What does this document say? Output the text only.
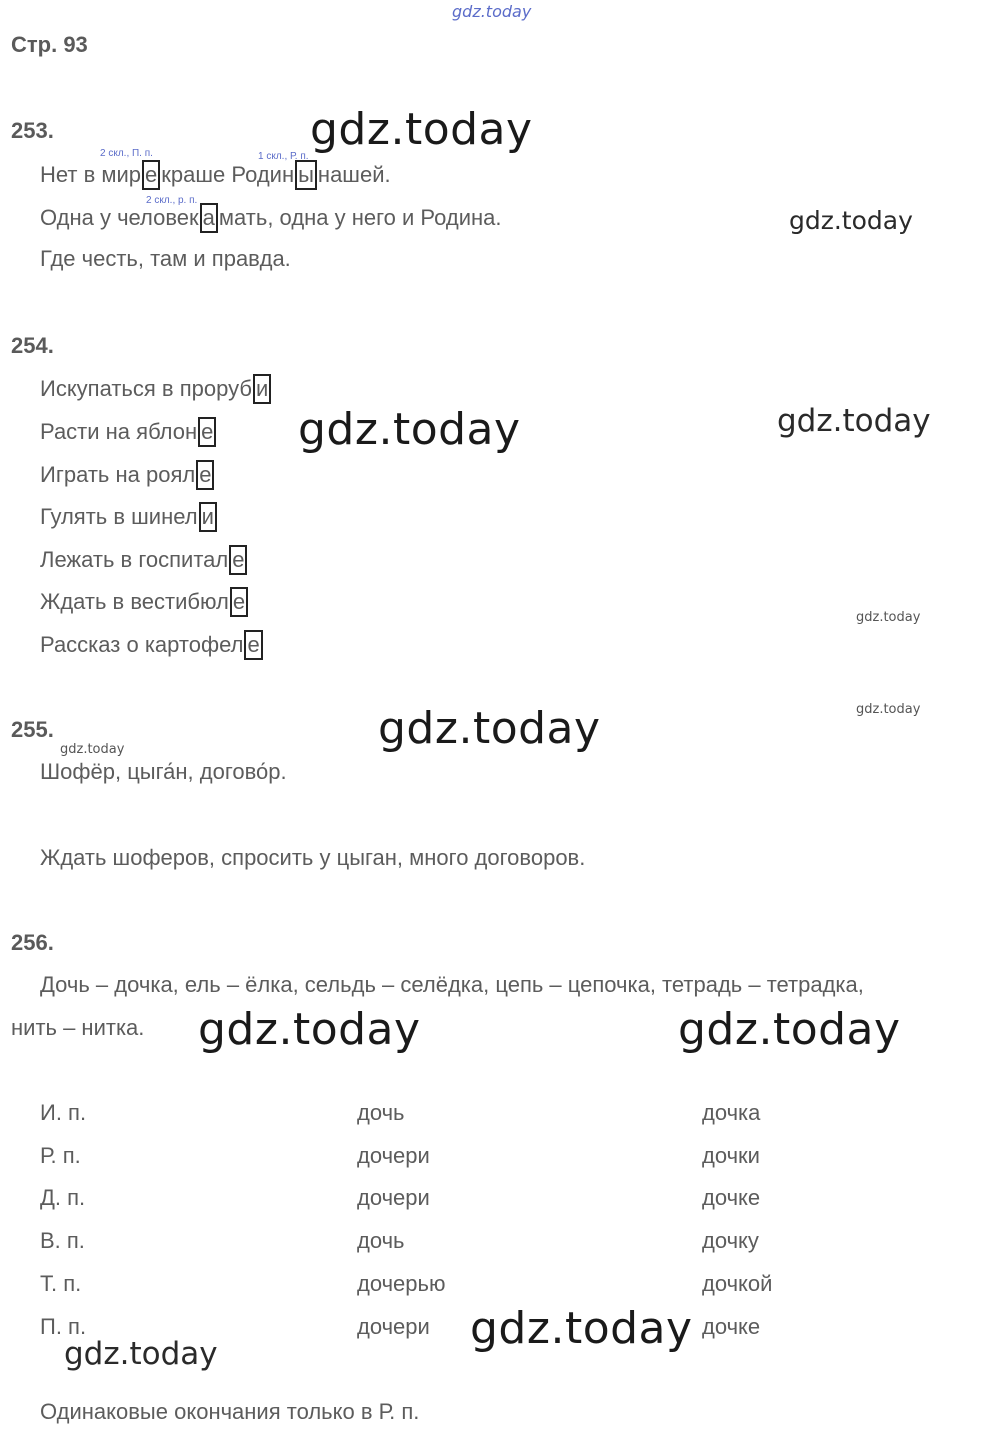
gdz.today
gdz.today
gdz.today
gdz.today	gdz.today
gdz.today
gdz.today
gdz.today
gdz.today
gdz.today	gdz.today
gdz.today
gdz.today
Стр. 93
253.
2 скл., П. п.	1 скл., Р. п.
Нет в мир е краше Родин ы нашей.
2 скл., р. п.
Одна у человек а мать, одна у него и Родина.
Где честь, там и правда.
254.
Искупаться в проруб и
Расти на яблон е
Играть на роял е
Гулять в шинел и
Лежать в госпитал е
Ждать в вестибюл е
Рассказ о картофел е
255.
Шофёр, цыга́н, догово́р.
Ждать шоферов, спросить у цыган, много договоров.
256.
Дочь – дочка, ель – ёлка, сельдь – селёдка, цепь – цепочка, тетрадь – тетрадка,
нить – нитка.
И. п.	дочь	дочка
Р. п.	дочери	дочки
Д. п.	дочери	дочке
В. п.	дочь	дочку
Т. п.	дочерью	дочкой
П. п.	дочери	дочке
Одинаковые окончания только в Р. п.
